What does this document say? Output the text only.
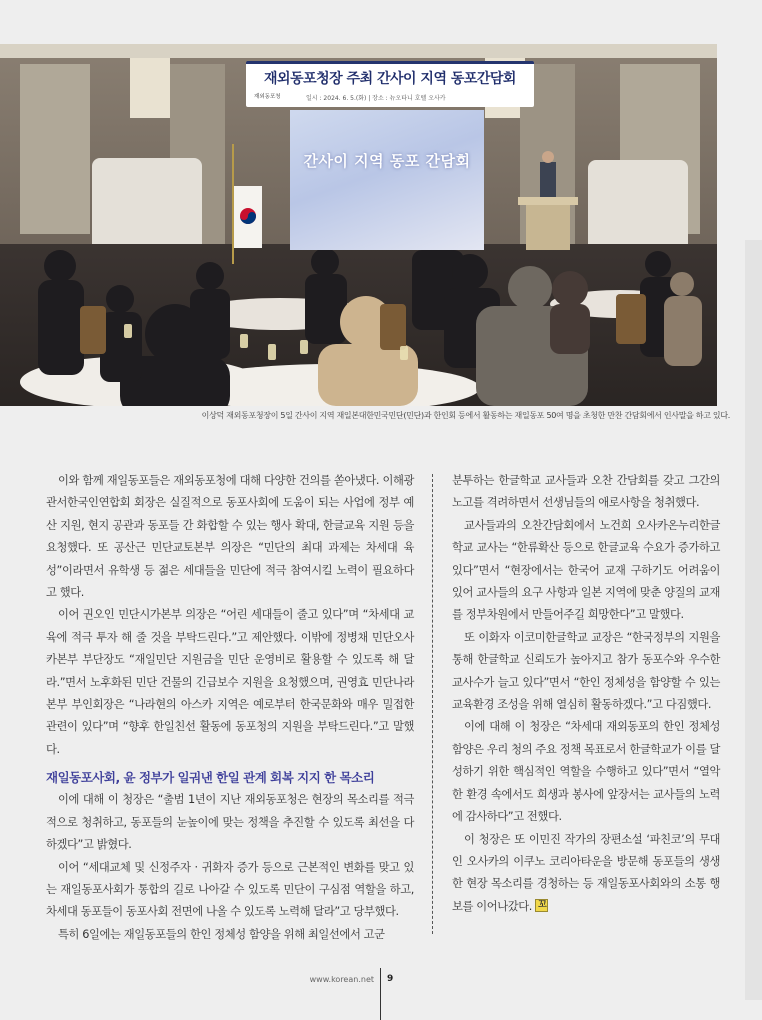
재외동포청장 주최 간사이 지역 동포간담회
재외동포청	일시 : 2024. 6. 5.(화) | 장소 : 뉴오타니 호텔 오사카
간사이 지역 동포 간담회
이상덕 재외동포청장이 5일 간사이 지역 재일본대한민국민단(민단)과 한인회 등에서 활동하는 재일동포 50여 명을 초청한 만찬 간담회에서 인사말을 하고 있다.

이와 함께 재일동포들은 재외동포청에 대해 다양한 건의를 쏟아냈다. 이해광 관서한국인연합회 회장은 실질적으로 동포사회에 도움이 되는 사업에 정부 예산 지원, 현지 공관과 동포들 간 화합할 수 있는 행사 확대, 한글교육 지원 등을 요청했다. 또 공산근 민단교토본부 의장은 “민단의 최대 과제는 차세대 육성”이라면서 유학생 등 젊은 세대들을 민단에 적극 참여시킬 노력이 필요하다고 했다.

이어 권오인 민단시가본부 의장은 “어린 세대들이 줄고 있다”며 “차세대 교육에 적극 투자 해 줄 것을 부탁드린다.”고 제안했다. 이밖에 정병채 민단오사카본부 부단장도 “재일민단 지원금을 민단 운영비로 활용할 수 있도록 해 달라.”면서 노후화된 민단 건물의 긴급보수 지원을 요청했으며, 권영효 민단나라본부 부인회장은 “나라현의 아스카 지역은 예로부터 한국문화와 매우 밀접한 관련이 있다”며 “향후 한일친선 활동에 동포청의 지원을 부탁드린다.”고 말했다.

재일동포사회, 윤 정부가 일궈낸 한일 관계 회복 지지 한 목소리

이에 대해 이 청장은 “출범 1년이 지난 재외동포청은 현장의 목소리를 적극적으로 청취하고, 동포들의 눈높이에 맞는 정책을 추진할 수 있도록 최선을 다하겠다”고 밝혔다.

이어 “세대교체 및 신정주자 · 귀화자 증가 등으로 근본적인 변화를 맞고 있는 재일동포사회가 통합의 길로 나아갈 수 있도록 민단이 구심점 역할을 하고, 차세대 동포들이 동포사회 전면에 나올 수 있도록 노력해 달라”고 당부했다.

특히 6일에는 재일동포들의 한인 정체성 함양을 위해 최일선에서 고군

분투하는 한글학교 교사들과 오찬 간담회를 갖고 그간의 노고를 격려하면서 선생님들의 애로사항을 청취했다.

교사들과의 오찬간담회에서 노건희 오사카온누리한글학교 교사는 “한류확산 등으로 한글교육 수요가 증가하고 있다”면서 “현장에서는 한국어 교재 구하기도 어려움이 있어 교사들의 요구 사항과 일본 지역에 맞춘 양질의 교재를 정부차원에서 만들어주길 희망한다”고 말했다.

또 이화자 이코미한글학교 교장은 “한국정부의 지원을 통해 한글학교 신뢰도가 높아지고 참가 동포수와 우수한 교사수가 늘고 있다”면서 “한인 정체성을 함양할 수 있는 교육환경 조성을 위해 열심히 활동하겠다.”고 다짐했다.

이에 대해 이 청장은 “차세대 재외동포의 한인 정체성 함양은 우리 청의 주요 정책 목표로서 한글학교가 이를 달성하기 위한 핵심적인 역할을 수행하고 있다”면서 “열악한 환경 속에서도 희생과 봉사에 앞장서는 교사들의 노력에 감사하다”고 전했다.

이 청장은 또 이민진 작가의 장편소설 ‘파친코’의 무대인 오사카의 이쿠노 코리아타운을 방문해 동포들의 생생한 현장 목소리를 경청하는 등 재일동포사회와의 소통 행보를 이어나갔다. 꼬

www.korean.net 9
